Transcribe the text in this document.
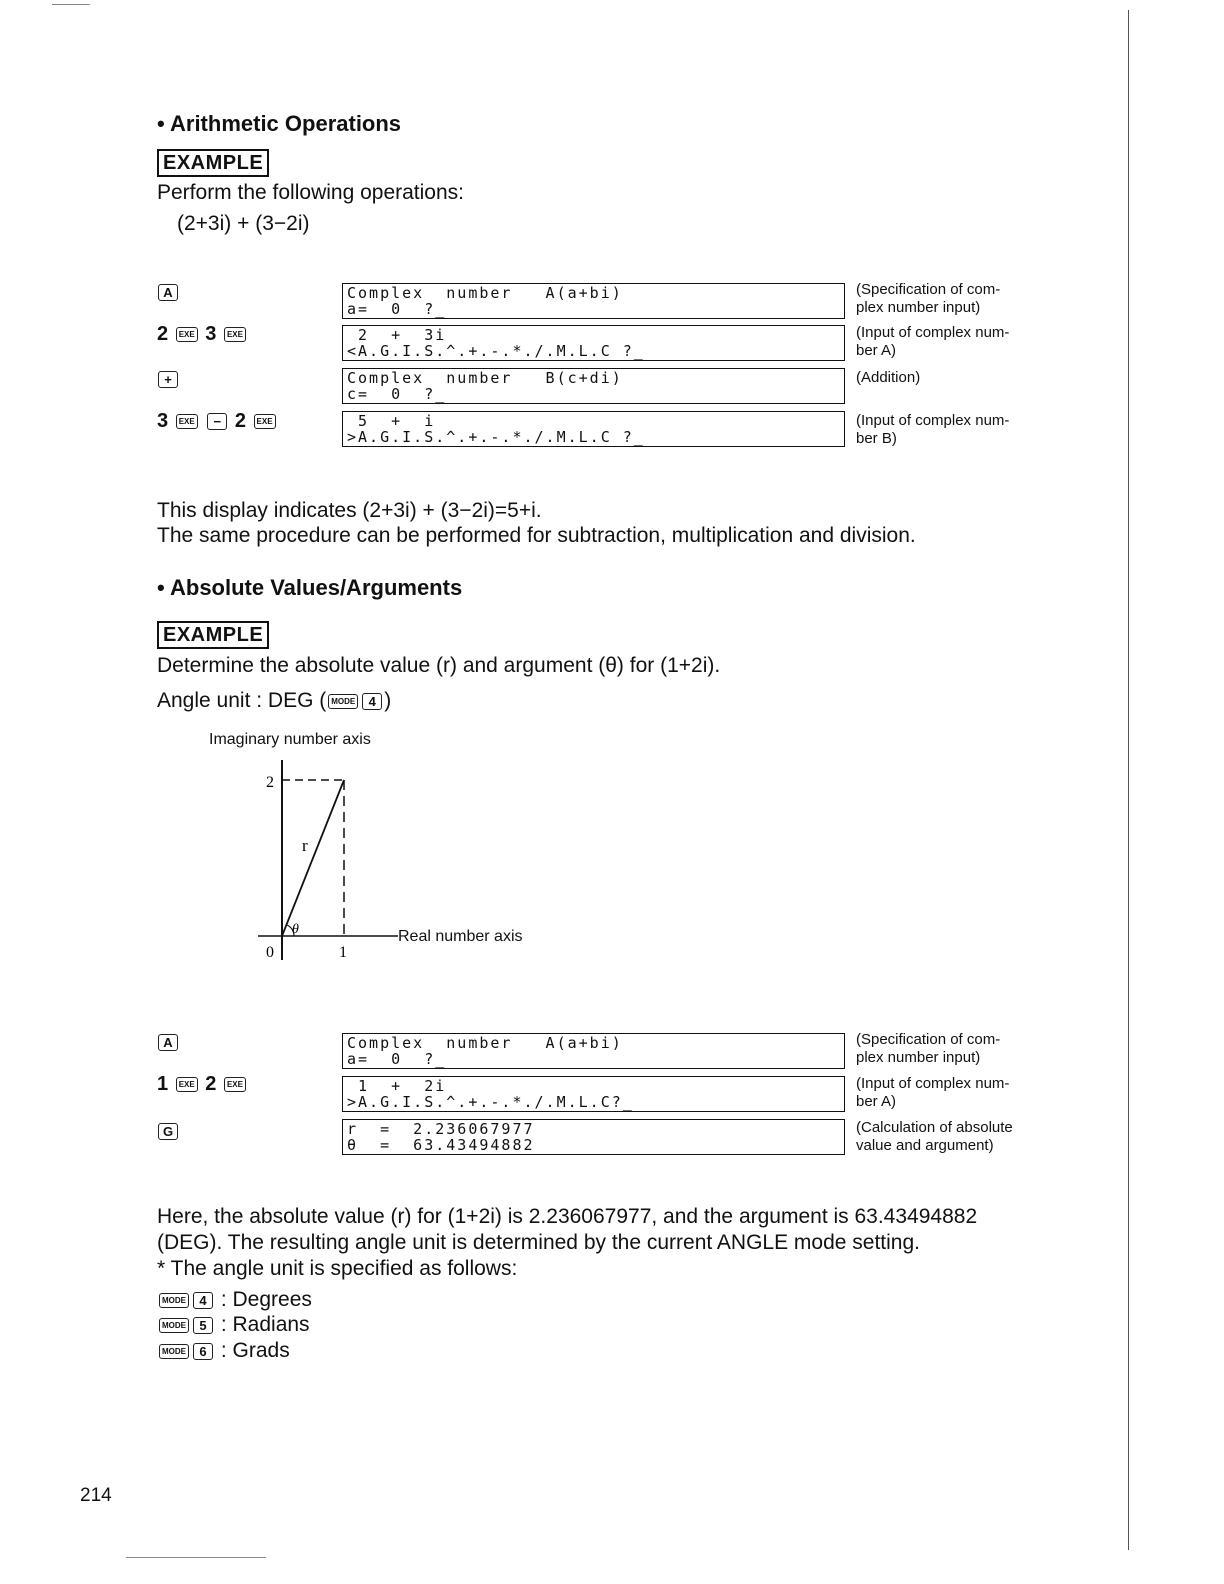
• Arithmetic Operations
EXAMPLE
Perform the following operations:
(2+3i) + (3−2i)
A
2 EXE 3 EXE
+
3 EXE − 2 EXE
Complex  number   A(a+bi)
a=  0  ?_
2  +  3i
<A.G.I.S.^.+.-.*./.M.L.C ?_
Complex  number   B(c+di)
c=  0  ?_
5  +  i
>A.G.I.S.^.+.-.*./.M.L.C ?_
(Specification of com-
plex number input)
(Input of complex num-
ber A)
(Addition)
(Input of complex num-
ber B)
This display indicates (2+3i) + (3−2i)=5+i.
The same procedure can be performed for subtraction, multiplication and division.
• Absolute Values/Arguments
EXAMPLE
Determine the absolute value (r) and argument (θ) for (1+2i).
Angle unit : DEG ( MODE 4 )
Imaginary number axis
2
0	1
r
θ	Real number axis
A
1 EXE 2 EXE
G
Complex  number   A(a+bi)
a=  0  ?_
1  +  2i
>A.G.I.S.^.+.-.*./.M.L.C?_
r  =  2.236067977
θ  =  63.43494882
(Specification of com-
plex number input)
(Input of complex num-
ber A)
(Calculation of absolute
value and argument)
Here, the absolute value (r) for (1+2i) is 2.236067977, and the argument is 63.43494882
(DEG). The resulting angle unit is determined by the current ANGLE mode setting.
* The angle unit is specified as follows:
MODE 4 : Degrees
MODE 5 : Radians
MODE 6 : Grads
214
